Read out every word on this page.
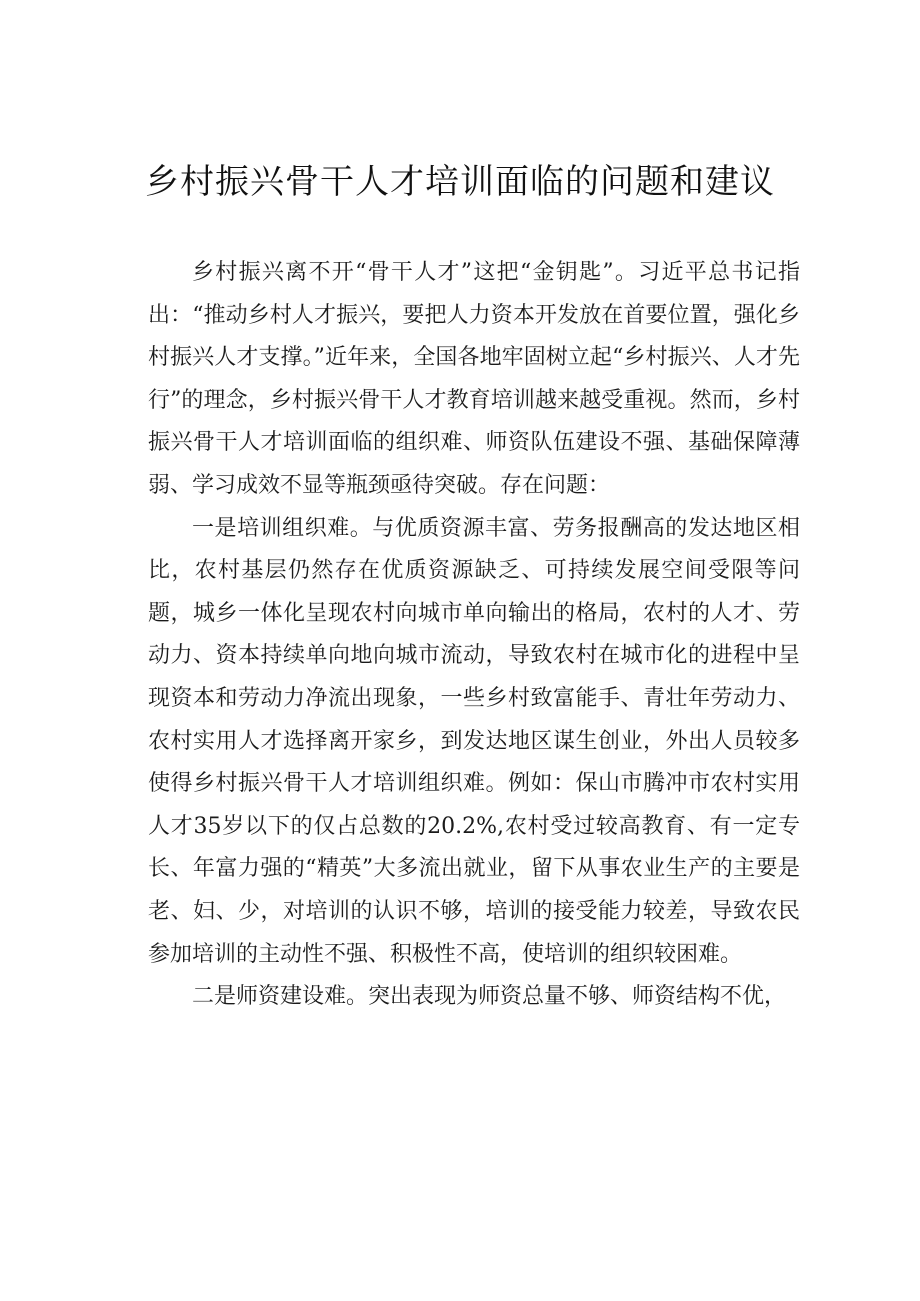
乡村振兴骨干人才培训面临的问题和建议

乡村振兴离不开“骨干人才”这把“金钥匙”。习近平总书记指出：“推动乡村人才振兴，要把人力资本开发放在首要位置，强化乡村振兴人才支撑。”近年来，全国各地牢固树立起“乡村振兴、人才先行”的理念，乡村振兴骨干人才教育培训越来越受重视。然而，乡村振兴骨干人才培训面临的组织难、师资队伍建设不强、基础保障薄弱、学习成效不显等瓶颈亟待突破。存在问题：

一是培训组织难。与优质资源丰富、劳务报酬高的发达地区相比，农村基层仍然存在优质资源缺乏、可持续发展空间受限等问题，城乡一体化呈现农村向城市单向输出的格局，农村的人才、劳动力、资本持续单向地向城市流动，导致农村在城市化的进程中呈现资本和劳动力净流出现象，一些乡村致富能手、青壮年劳动力、农村实用人才选择离开家乡，到发达地区谋生创业，外出人员较多使得乡村振兴骨干人才培训组织难。例如：保山市腾冲市农村实用人才35岁以下的仅占总数的20.2%,农村受过较高教育、有一定专长、年富力强的“精英”大多流出就业，留下从事农业生产的主要是老、妇、少，对培训的认识不够，培训的接受能力较差，导致农民参加培训的主动性不强、积极性不高，使培训的组织较困难。

二是师资建设难。突出表现为师资总量不够、师资结构不优，
